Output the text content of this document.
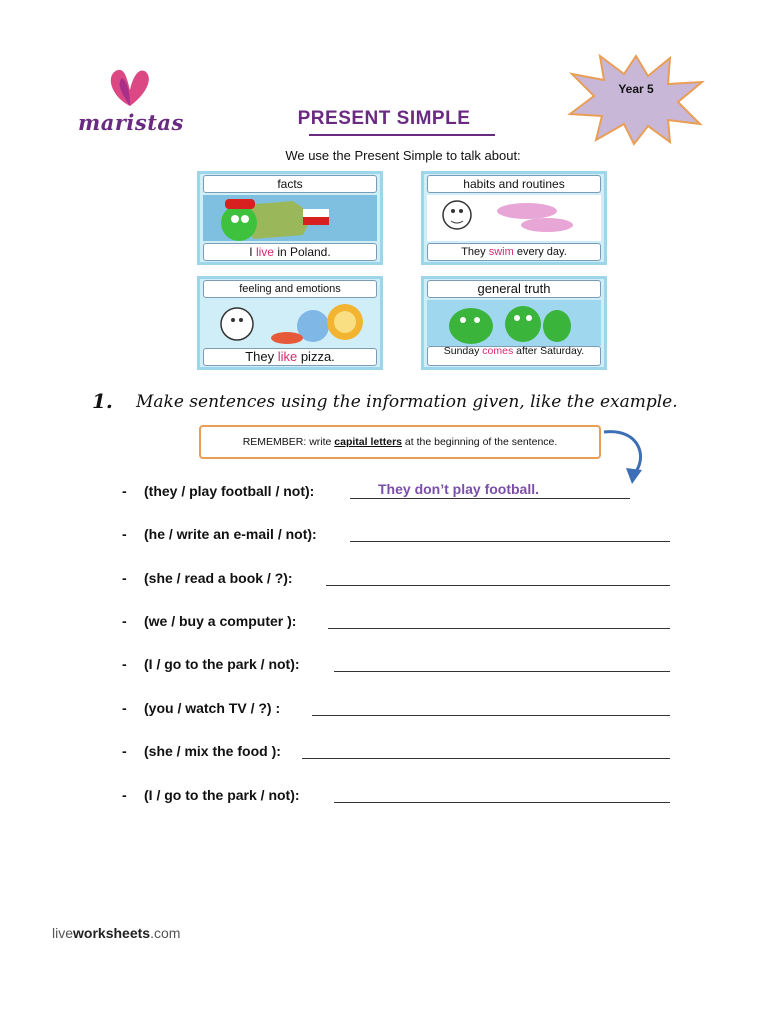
maristas
Year 5
PRESENT SIMPLE
We use the Present Simple to talk about:
facts
I live in Poland.
habits and routines
They swim every day.
feeling and emotions
They like pizza.
general truth
Sunday comes after Saturday.
1. Make sentences using the information given, like the example.
REMEMBER: write capital letters at the beginning of the sentence.
- (they / play football / not):	They don’t play football.
- (he / write an e-mail / not):
- (she / read a book / ?):
- (we / buy a computer ):
- (I / go to the park / not):
- (you / watch TV / ?) :
- (she / mix the food ):
- (I / go to the park / not):
liveworksheets.com
